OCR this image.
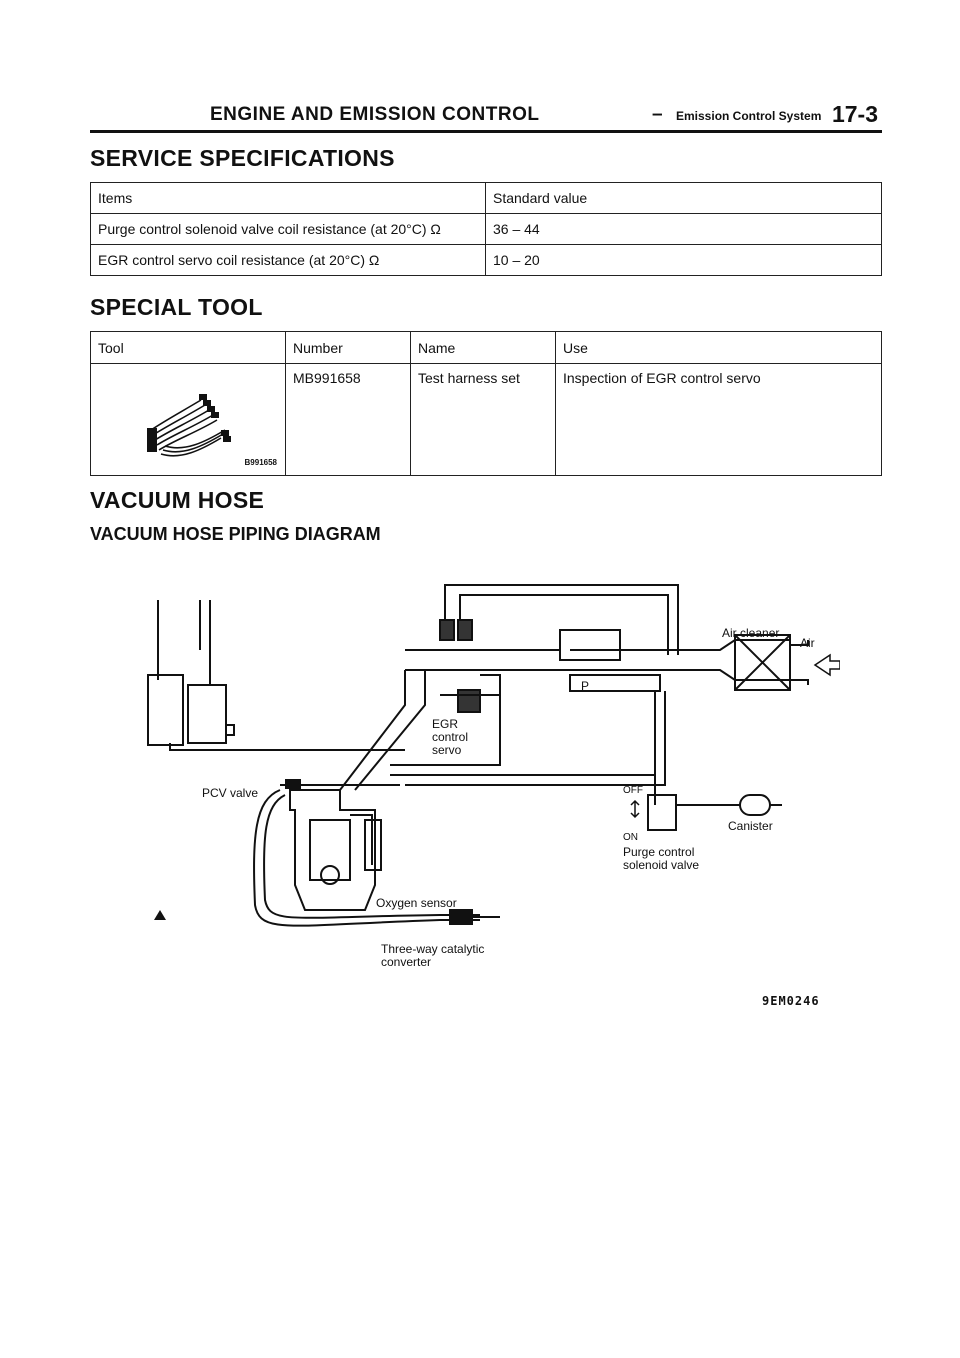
ENGINE AND EMISSION CONTROL	– Emission Control System 17-3
SERVICE SPECIFICATIONS
Items	Standard value
Purge control solenoid valve coil resistance (at 20°C) Ω	36 – 44
EGR control servo coil resistance (at 20°C) Ω	10 – 20
SPECIAL TOOL
Tool	Number	Name	Use

B991658	MB991658	Test harness set	Inspection of EGR control servo
VACUUM HOSE
VACUUM HOSE PIPING DIAGRAM
Air cleaner
Air
EGR
control
servo
PCV valve
P
OFF
ON
Canister
Purge control
solenoid valve
Oxygen sensor
Three-way catalytic
converter
9EM0246
